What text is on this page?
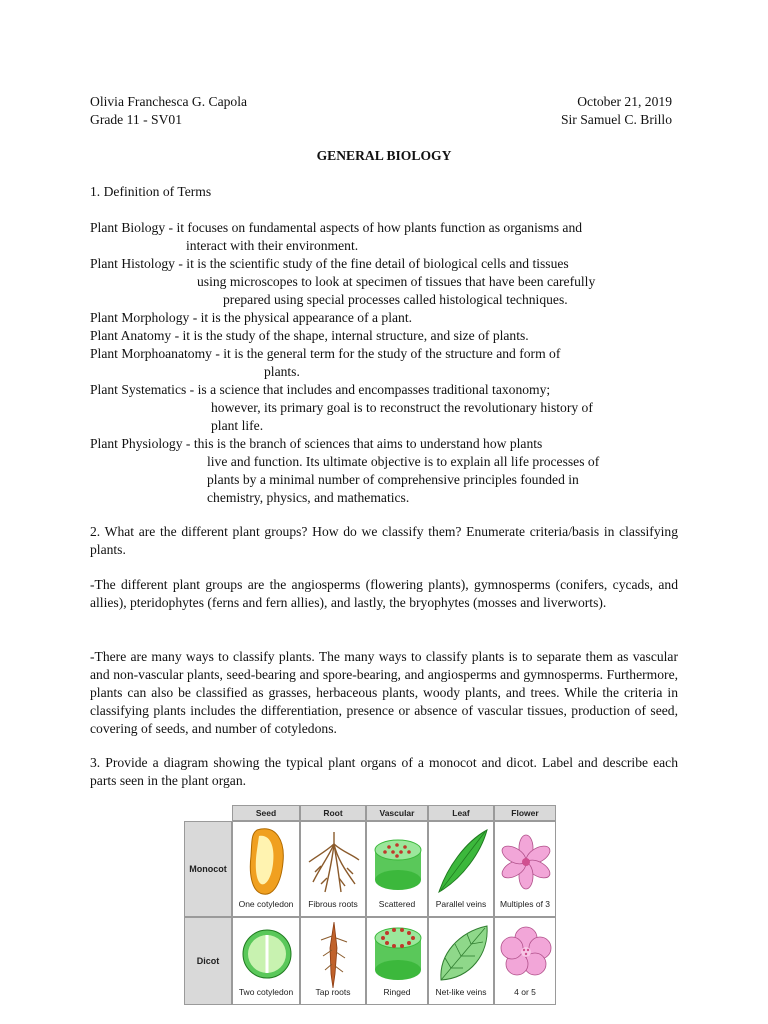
Olivia Franchesca G. Capola
Grade 11 - SV01
October 21, 2019
Sir Samuel C. Brillo
GENERAL BIOLOGY
1. Definition of Terms
Plant Biology - it focuses on fundamental aspects of how plants function as organisms and
interact with their environment.
Plant Histology - it is the scientific study of the fine detail of biological cells and tissues
using microscopes to look at specimen of tissues that have been carefully
prepared using special processes called histological techniques.
Plant Morphology - it is the physical appearance of a plant.
Plant Anatomy - it is the study of the shape, internal structure, and size of plants.
Plant Morphoanatomy - it is the general term for the study of the structure and form of
plants.
Plant Systematics - is a science that includes and encompasses traditional taxonomy;
however, its primary goal is to reconstruct the revolutionary history of
plant life.
Plant Physiology - this is the branch of sciences that aims to understand how plants
live and function. Its ultimate objective is to explain all life processes of
plants by a minimal number of comprehensive principles founded in
chemistry, physics, and mathematics.
2. What are the different plant groups? How do we classify them? Enumerate criteria/basis in classifying plants.
-The different plant groups are the angiosperms (flowering plants), gymnosperms (conifers, cycads, and allies), pteridophytes (ferns and fern allies), and lastly, the bryophytes (mosses and liverworts).
-There are many ways to classify plants. The many ways to classify plants is to separate them as vascular and non-vascular plants, seed-bearing and spore-bearing, and angiosperms and gymnosperms. Furthermore, plants can also be classified as grasses, herbaceous plants, woody plants, and trees. While the criteria in classifying plants includes the differentiation, presence or absence of vascular tissues, production of seed, covering of seeds, and number of cotyledons.
3. Provide a diagram showing the typical plant organs of a monocot and dicot. Label and describe each parts seen in the plant organ.
Seed	Root	Vascular	Leaf	Flower
Monocot
One cotyledon	Fibrous roots	Scattered	Parallel veins	Multiples of 3
Dicot
Two cotyledon	Tap roots	Ringed	Net-like veins	4 or 5
